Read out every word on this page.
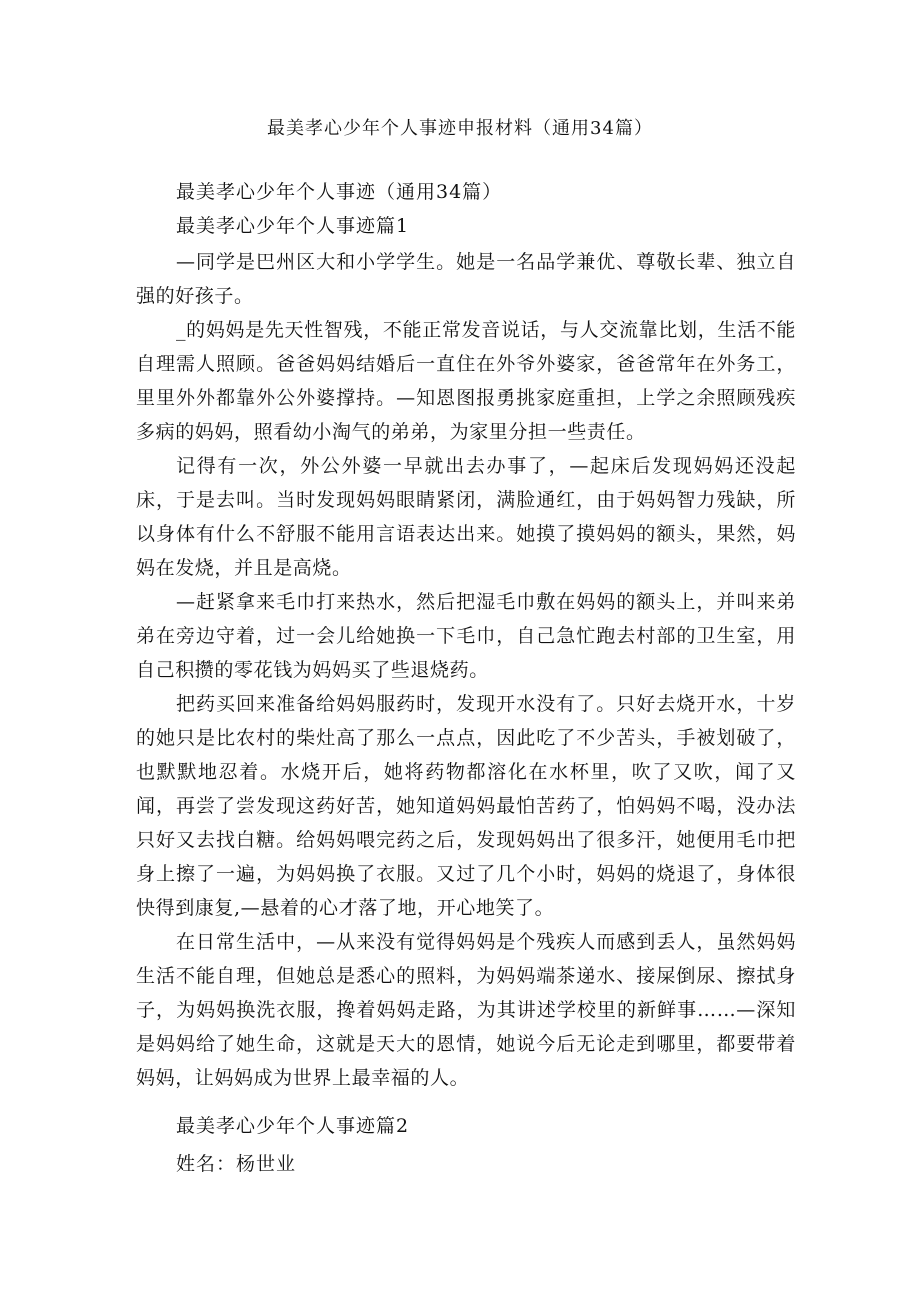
最美孝心少年个人事迹申报材料（通用34篇）
最美孝心少年个人事迹（通用34篇）
最美孝心少年个人事迹篇1

—同学是巴州区大和小学学生。她是一名品学兼优、尊敬长辈、独立自强的好孩子。

_的妈妈是先天性智残，不能正常发音说话，与人交流靠比划，生活不能自理需人照顾。爸爸妈妈结婚后一直住在外爷外婆家，爸爸常年在外务工，里里外外都靠外公外婆撑持。—知恩图报勇挑家庭重担，上学之余照顾残疾多病的妈妈，照看幼小淘气的弟弟，为家里分担一些责任。

记得有一次，外公外婆一早就出去办事了，—起床后发现妈妈还没起床，于是去叫。当时发现妈妈眼睛紧闭，满脸通红，由于妈妈智力残缺，所以身体有什么不舒服不能用言语表达出来。她摸了摸妈妈的额头，果然，妈妈在发烧，并且是高烧。

—赶紧拿来毛巾打来热水，然后把湿毛巾敷在妈妈的额头上，并叫来弟弟在旁边守着，过一会儿给她换一下毛巾，自己急忙跑去村部的卫生室，用自己积攒的零花钱为妈妈买了些退烧药。

把药买回来准备给妈妈服药时，发现开水没有了。只好去烧开水，十岁的她只是比农村的柴灶高了那么一点点，因此吃了不少苦头，手被划破了，也默默地忍着。水烧开后，她将药物都溶化在水杯里，吹了又吹，闻了又闻，再尝了尝发现这药好苦，她知道妈妈最怕苦药了，怕妈妈不喝，没办法只好又去找白糖。给妈妈喂完药之后，发现妈妈出了很多汗，她便用毛巾把身上擦了一遍，为妈妈换了衣服。又过了几个小时，妈妈的烧退了，身体很快得到康复,—悬着的心才落了地，开心地笑了。

在日常生活中，—从来没有觉得妈妈是个残疾人而感到丢人，虽然妈妈生活不能自理，但她总是悉心的照料，为妈妈端茶递水、接屎倒尿、擦拭身子，为妈妈换洗衣服，搀着妈妈走路，为其讲述学校里的新鲜事……—深知是妈妈给了她生命，这就是天大的恩情，她说今后无论走到哪里，都要带着妈妈，让妈妈成为世界上最幸福的人。

最美孝心少年个人事迹篇2
姓名：杨世业
